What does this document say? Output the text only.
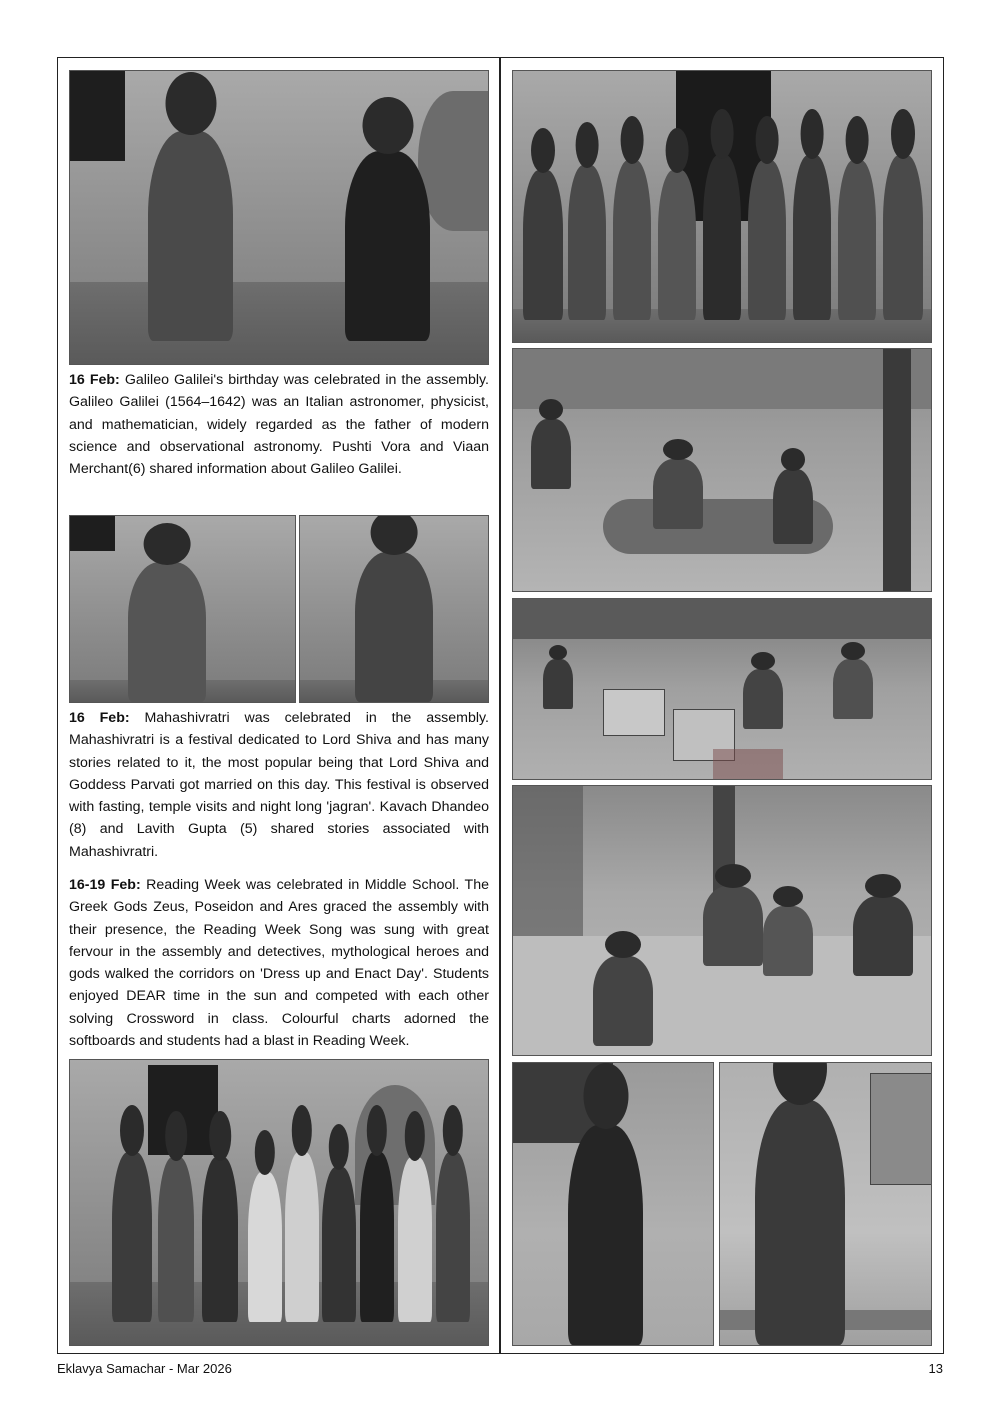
16 Feb: Galileo Galilei's birthday was celebrated in the assembly. Galileo Galilei (1564–1642) was an Italian astronomer, physicist, and mathematician, widely regarded as the father of modern science and observational astronomy. Pushti Vora and Viaan Merchant(6) shared information about Galileo Galilei.
16 Feb: Mahashivratri was celebrated in the assembly. Mahashivratri is a festival dedicated to Lord Shiva and has many stories related to it, the most popular being that Lord Shiva and Goddess Parvati got married on this day. This festival is observed with fasting, temple visits and night long 'jagran'. Kavach Dhandeo (8) and Lavith Gupta (5) shared stories associated with Mahashivratri.
16-19 Feb: Reading Week was celebrated in Middle School. The Greek Gods Zeus, Poseidon and Ares graced the assembly with their presence, the Reading Week Song was sung with great fervour in the assembly and detectives, mythological heroes and gods walked the corridors on 'Dress up and Enact Day'. Students enjoyed DEAR time in the sun and competed with each other solving Crossword in class. Colourful charts adorned the softboards and students had a blast in Reading Week.
Eklavya Samachar - Mar 2026	13
